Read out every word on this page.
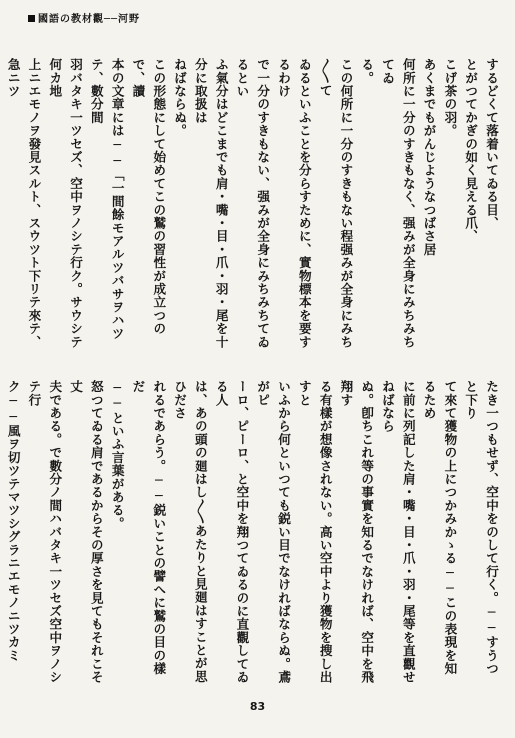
國語の教材觀──河野
するどくて落着いてゐる目、
とがつてかぎの如く見える爪、
こげ茶の羽。
あくまでもがんじようなつばさ居
何所に一分のすきもなく、强みが全身にみちみちてゐ
る。
この何所に一分のすきもない程强みが全身にみち〱て
ゐるといふことを分らすために、實物標本を要するわけ
で一分のすきもない、强みが全身にみちみちてゐるとい
ふ氣分はどこまでも肩・嘴・目・爪・羽・尾を十分に取扱は
ねばならぬ。
この形態にして始めてこの鷲の習性が成立つので、讀
本の文章には──「一間餘モアルツバサヲハツテ、數分間
羽バタキ一ツセズ、空中ヲノシテ行ク。サウシテ何カ地
上ニエモノヲ發見スルト、スウツト下リテ來テ、急ニツ
たき一つもせず、空中をのして行く。──すうつと下り
て來て獲物の上につかみかゝる──この表現を知るため
に前に列記した肩・嘴・目・爪・羽・尾等を直觀せねばなら
ぬ。卽ちこれ等の事實を知るでなければ、空中を飛翔す
る有樣が想像されない。高い空中より獲物を搜し出すと
いふから何といつても鋭い目でなければならぬ。鳶がピ
ーロ、ピーロ、と空中を翔つてゐるのに直觀してゐる人
は、あの頭の廻はし〱あたりと見廻はすことが思ひださ
れるであらう。──鋭いことの譬へに鷲の目の樣だ
──といふ言葉がある。
怒つてゐる肩であるからその厚さを見てもそれこそ丈
夫である。で數分ノ間ハバタキ一ツセズ空中ヲノシテ行
ク──風ヲ切ツテマツシグラニエモノニツカミ
83
